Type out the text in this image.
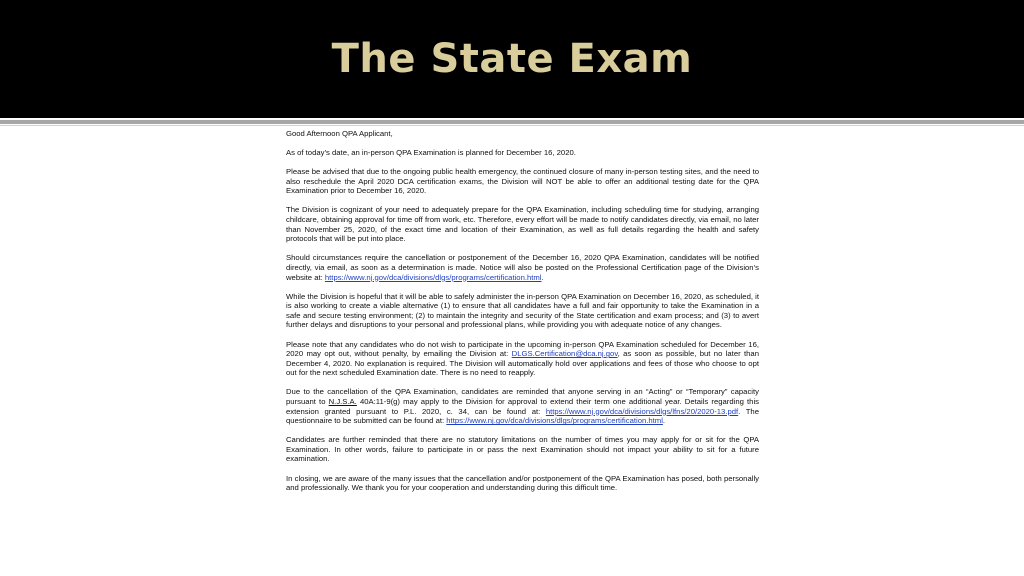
The State Exam

Good Afternoon QPA Applicant,

As of today’s date, an in-person QPA Examination is planned for December 16, 2020.

Please be advised that due to the ongoing public health emergency, the continued closure of many in-person testing sites, and the need to also reschedule the April 2020 DCA certification exams, the Division will NOT be able to offer an additional testing date for the QPA Examination prior to December 16, 2020.

The Division is cognizant of your need to adequately prepare for the QPA Examination, including scheduling time for studying, arranging childcare, obtaining approval for time off from work, etc. Therefore, every effort will be made to notify candidates directly, via email, no later than November 25, 2020, of the exact time and location of their Examination, as well as full details regarding the health and safety protocols that will be put into place.

Should circumstances require the cancellation or postponement of the December 16, 2020 QPA Examination, candidates will be notified directly, via email, as soon as a determination is made. Notice will also be posted on the Professional Certification page of the Division’s website at: https://www.nj.gov/dca/divisions/dlgs/programs/certification.html.

While the Division is hopeful that it will be able to safely administer the in-person QPA Examination on December 16, 2020, as scheduled, it is also working to create a viable alternative (1) to ensure that all candidates have a full and fair opportunity to take the Examination in a safe and secure testing environment; (2) to maintain the integrity and security of the State certification and exam process; and (3) to avert further delays and disruptions to your personal and professional plans, while providing you with adequate notice of any changes.

Please note that any candidates who do not wish to participate in the upcoming in-person QPA Examination scheduled for December 16, 2020 may opt out, without penalty, by emailing the Division at: DLGS.Certification@dca.nj.gov, as soon as possible, but no later than December 4, 2020. No explanation is required. The Division will automatically hold over applications and fees of those who choose to opt out for the next scheduled Examination date. There is no need to reapply.

Due to the cancellation of the QPA Examination, candidates are reminded that anyone serving in an “Acting” or “Temporary” capacity pursuant to N.J.S.A. 40A:11-9(g) may apply to the Division for approval to extend their term one additional year. Details regarding this extension granted pursuant to P.L. 2020, c. 34, can be found at: https://www.nj.gov/dca/divisions/dlgs/lfns/20/2020-13.pdf. The questionnaire to be submitted can be found at: https://www.nj.gov/dca/divisions/dlgs/programs/certification.html.

Candidates are further reminded that there are no statutory limitations on the number of times you may apply for or sit for the QPA Examination. In other words, failure to participate in or pass the next Examination should not impact your ability to sit for a future examination.

In closing, we are aware of the many issues that the cancellation and/or postponement of the QPA Examination has posed, both personally and professionally. We thank you for your cooperation and understanding during this difficult time.
